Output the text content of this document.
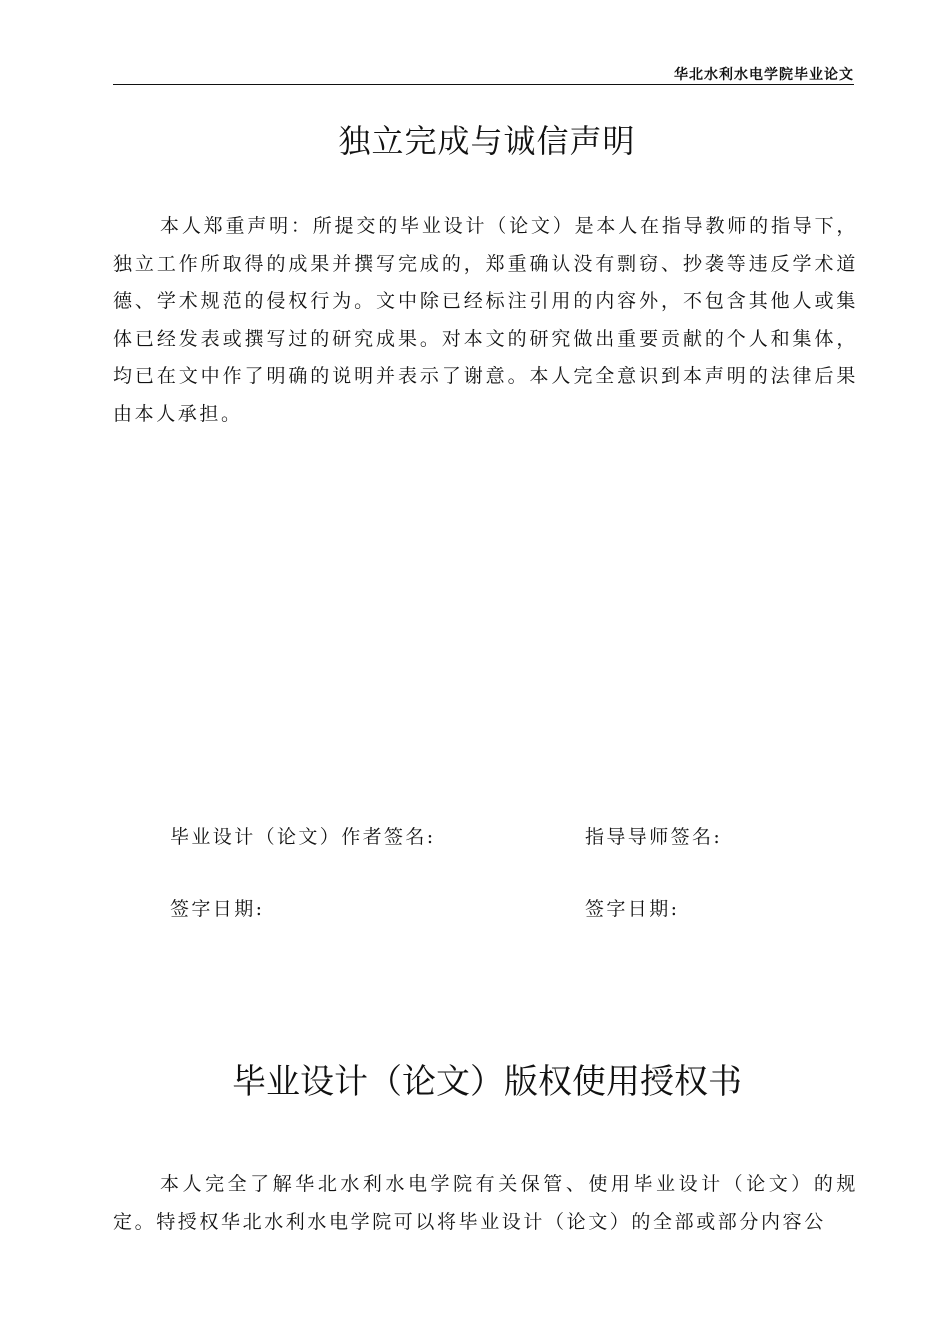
华北水利水电学院毕业论文
独立完成与诚信声明

本人郑重声明：所提交的毕业设计（论文）是本人在指导教师的指导下，独立工作所取得的成果并撰写完成的，郑重确认没有剽窃、抄袭等违反学术道德、学术规范的侵权行为。文中除已经标注引用的内容外，不包含其他人或集体已经发表或撰写过的研究成果。对本文的研究做出重要贡献的个人和集体，均已在文中作了明确的说明并表示了谢意。本人完全意识到本声明的法律后果由本人承担。

毕业设计（论文）作者签名:	指导导师签名:
签字日期:	签字日期:
毕业设计（论文）版权使用授权书

本人完全了解华北水利水电学院有关保管、使用毕业设计（论文）的规定。特授权华北水利水电学院可以将毕业设计（论文）的全部或部分内容公
